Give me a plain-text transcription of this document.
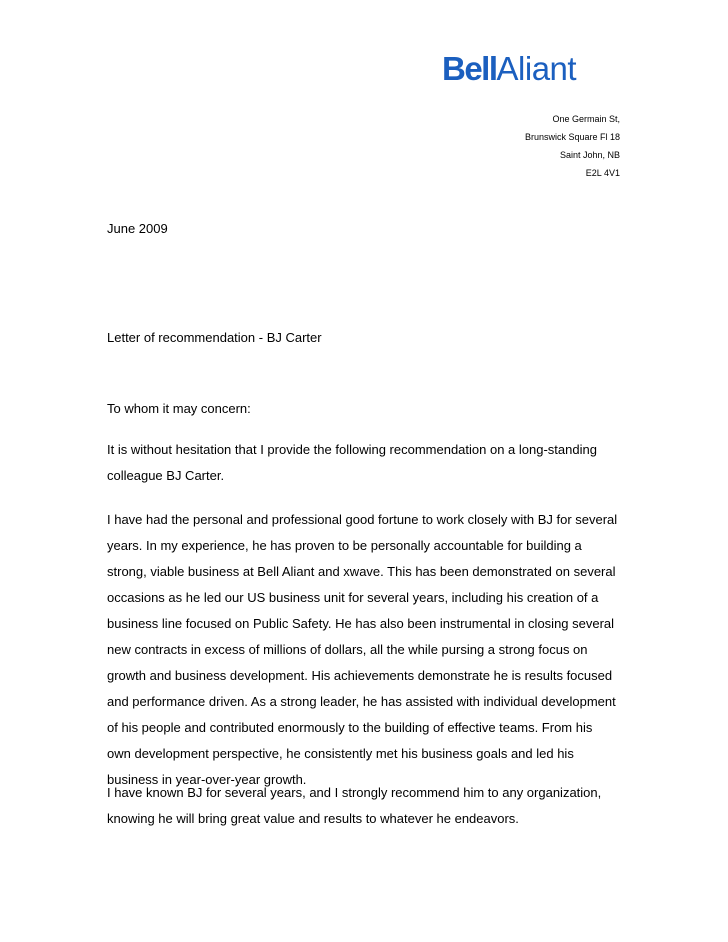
BellAliant
One Germain St,
Brunswick Square Fl 18
Saint John, NB
E2L 4V1
June 2009
Letter of recommendation - BJ Carter
To whom it may concern:
It is without hesitation that I provide the following recommendation on a long-standing
colleague BJ Carter.
I have had the personal and professional good fortune to work closely with BJ for several
years. In my experience, he has proven to be personally accountable for building a
strong, viable business at Bell Aliant and xwave. This has been demonstrated on several
occasions as he led our US business unit for several years, including his creation of a
business line focused on Public Safety. He has also been instrumental in closing several
new contracts in excess of millions of dollars, all the while pursing a strong focus on
growth and business development. His achievements demonstrate he is results focused
and performance driven. As a strong leader, he has assisted with individual development
of his people and contributed enormously to the building of effective teams. From his
own development perspective, he consistently met his business goals and led his
business in year-over-year growth.
I have known BJ for several years, and I strongly recommend him to any organization,
knowing he will bring great value and results to whatever he endeavors.
